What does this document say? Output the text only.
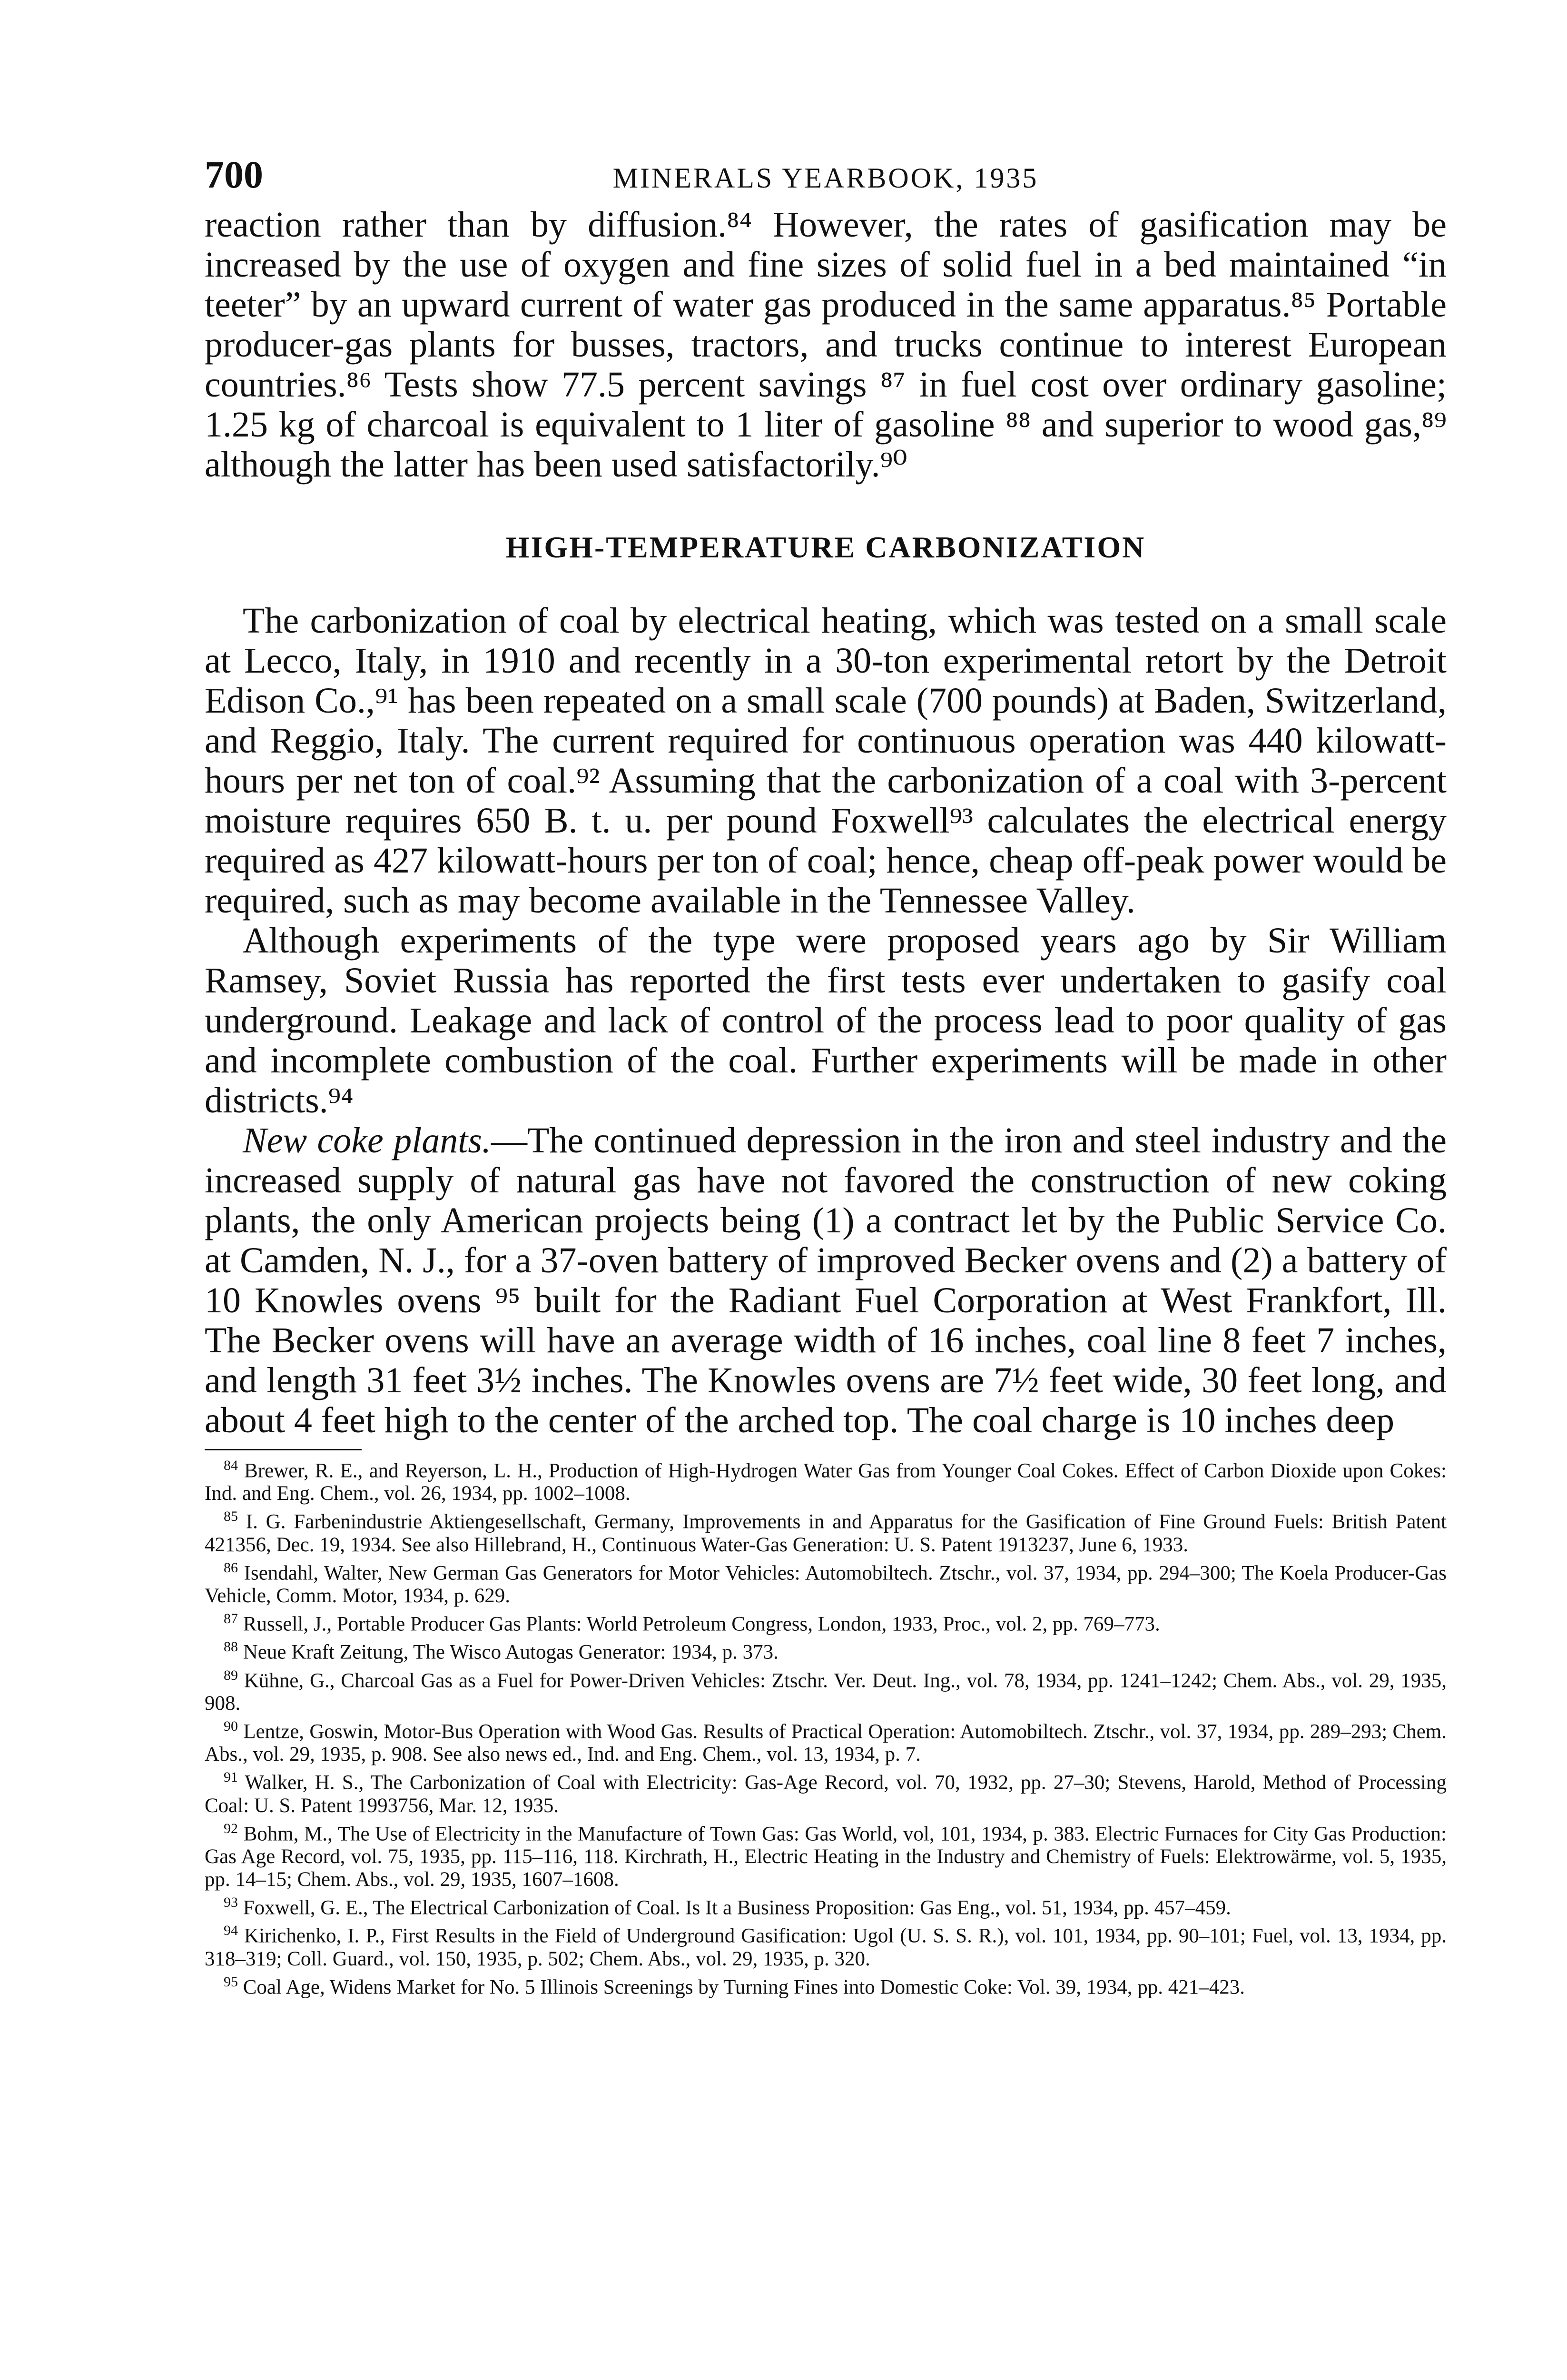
700	MINERALS YEARBOOK, 1935

reaction rather than by diffusion.⁸⁴ However, the rates of gasification may be increased by the use of oxygen and fine sizes of solid fuel in a bed maintained “in teeter” by an upward current of water gas produced in the same apparatus.⁸⁵ Portable producer-gas plants for busses, tractors, and trucks continue to interest European countries.⁸⁶ Tests show 77.5 percent savings ⁸⁷ in fuel cost over ordinary gasoline; 1.25 kg of charcoal is equivalent to 1 liter of gasoline ⁸⁸ and superior to wood gas,⁸⁹ although the latter has been used satisfactorily.⁹⁰

HIGH-TEMPERATURE CARBONIZATION

The carbonization of coal by electrical heating, which was tested on a small scale at Lecco, Italy, in 1910 and recently in a 30-ton experimental retort by the Detroit Edison Co.,⁹¹ has been repeated on a small scale (700 pounds) at Baden, Switzerland, and Reggio, Italy. The current required for continuous operation was 440 kilowatt-hours per net ton of coal.⁹² Assuming that the carbonization of a coal with 3-percent moisture requires 650 B. t. u. per pound Foxwell⁹³ calculates the electrical energy required as 427 kilowatt-hours per ton of coal; hence, cheap off-peak power would be required, such as may become available in the Tennessee Valley.

Although experiments of the type were proposed years ago by Sir William Ramsey, Soviet Russia has reported the first tests ever undertaken to gasify coal underground. Leakage and lack of control of the process lead to poor quality of gas and incomplete combustion of the coal. Further experiments will be made in other districts.⁹⁴

New coke plants.—The continued depression in the iron and steel industry and the increased supply of natural gas have not favored the construction of new coking plants, the only American projects being (1) a contract let by the Public Service Co. at Camden, N. J., for a 37-oven battery of improved Becker ovens and (2) a battery of 10 Knowles ovens ⁹⁵ built for the Radiant Fuel Corporation at West Frankfort, Ill. The Becker ovens will have an average width of 16 inches, coal line 8 feet 7 inches, and length 31 feet 3½ inches. The Knowles ovens are 7½ feet wide, 30 feet long, and about 4 feet high to the center of the arched top. The coal charge is 10 inches deep

$^{84}$ Brewer, R. E., and Reyerson, L. H., Production of High-Hydrogen Water Gas from Younger Coal Cokes. Effect of Carbon Dioxide upon Cokes: Ind. and Eng. Chem., vol. 26, 1934, pp. 1002–1008.

$^{85}$ I. G. Farbenindustrie Aktiengesellschaft, Germany, Improvements in and Apparatus for the Gasification of Fine Ground Fuels: British Patent 421356, Dec. 19, 1934. See also Hillebrand, H., Continuous Water-Gas Generation: U. S. Patent 1913237, June 6, 1933.

$^{86}$ Isendahl, Walter, New German Gas Generators for Motor Vehicles: Automobiltech. Ztschr., vol. 37, 1934, pp. 294–300; The Koela Producer-Gas Vehicle, Comm. Motor, 1934, p. 629.

$^{87}$ Russell, J., Portable Producer Gas Plants: World Petroleum Congress, London, 1933, Proc., vol. 2, pp. 769–773.

$^{88}$ Neue Kraft Zeitung, The Wisco Autogas Generator: 1934, p. 373.

$^{89}$ Kühne, G., Charcoal Gas as a Fuel for Power-Driven Vehicles: Ztschr. Ver. Deut. Ing., vol. 78, 1934, pp. 1241–1242; Chem. Abs., vol. 29, 1935, 908.

$^{90}$ Lentze, Goswin, Motor-Bus Operation with Wood Gas. Results of Practical Operation: Automobiltech. Ztschr., vol. 37, 1934, pp. 289–293; Chem. Abs., vol. 29, 1935, p. 908. See also news ed., Ind. and Eng. Chem., vol. 13, 1934, p. 7.

$^{91}$ Walker, H. S., The Carbonization of Coal with Electricity: Gas-Age Record, vol. 70, 1932, pp. 27–30; Stevens, Harold, Method of Processing Coal: U. S. Patent 1993756, Mar. 12, 1935.

$^{92}$ Bohm, M., The Use of Electricity in the Manufacture of Town Gas: Gas World, vol, 101, 1934, p. 383. Electric Furnaces for City Gas Production: Gas Age Record, vol. 75, 1935, pp. 115–116, 118. Kirchrath, H., Electric Heating in the Industry and Chemistry of Fuels: Elektrowärme, vol. 5, 1935, pp. 14–15; Chem. Abs., vol. 29, 1935, 1607–1608.

$^{93}$ Foxwell, G. E., The Electrical Carbonization of Coal. Is It a Business Proposition: Gas Eng., vol. 51, 1934, pp. 457–459.

$^{94}$ Kirichenko, I. P., First Results in the Field of Underground Gasification: Ugol (U. S. S. R.), vol. 101, 1934, pp. 90–101; Fuel, vol. 13, 1934, pp. 318–319; Coll. Guard., vol. 150, 1935, p. 502; Chem. Abs., vol. 29, 1935, p. 320.

$^{95}$ Coal Age, Widens Market for No. 5 Illinois Screenings by Turning Fines into Domestic Coke: Vol. 39, 1934, pp. 421–423.
